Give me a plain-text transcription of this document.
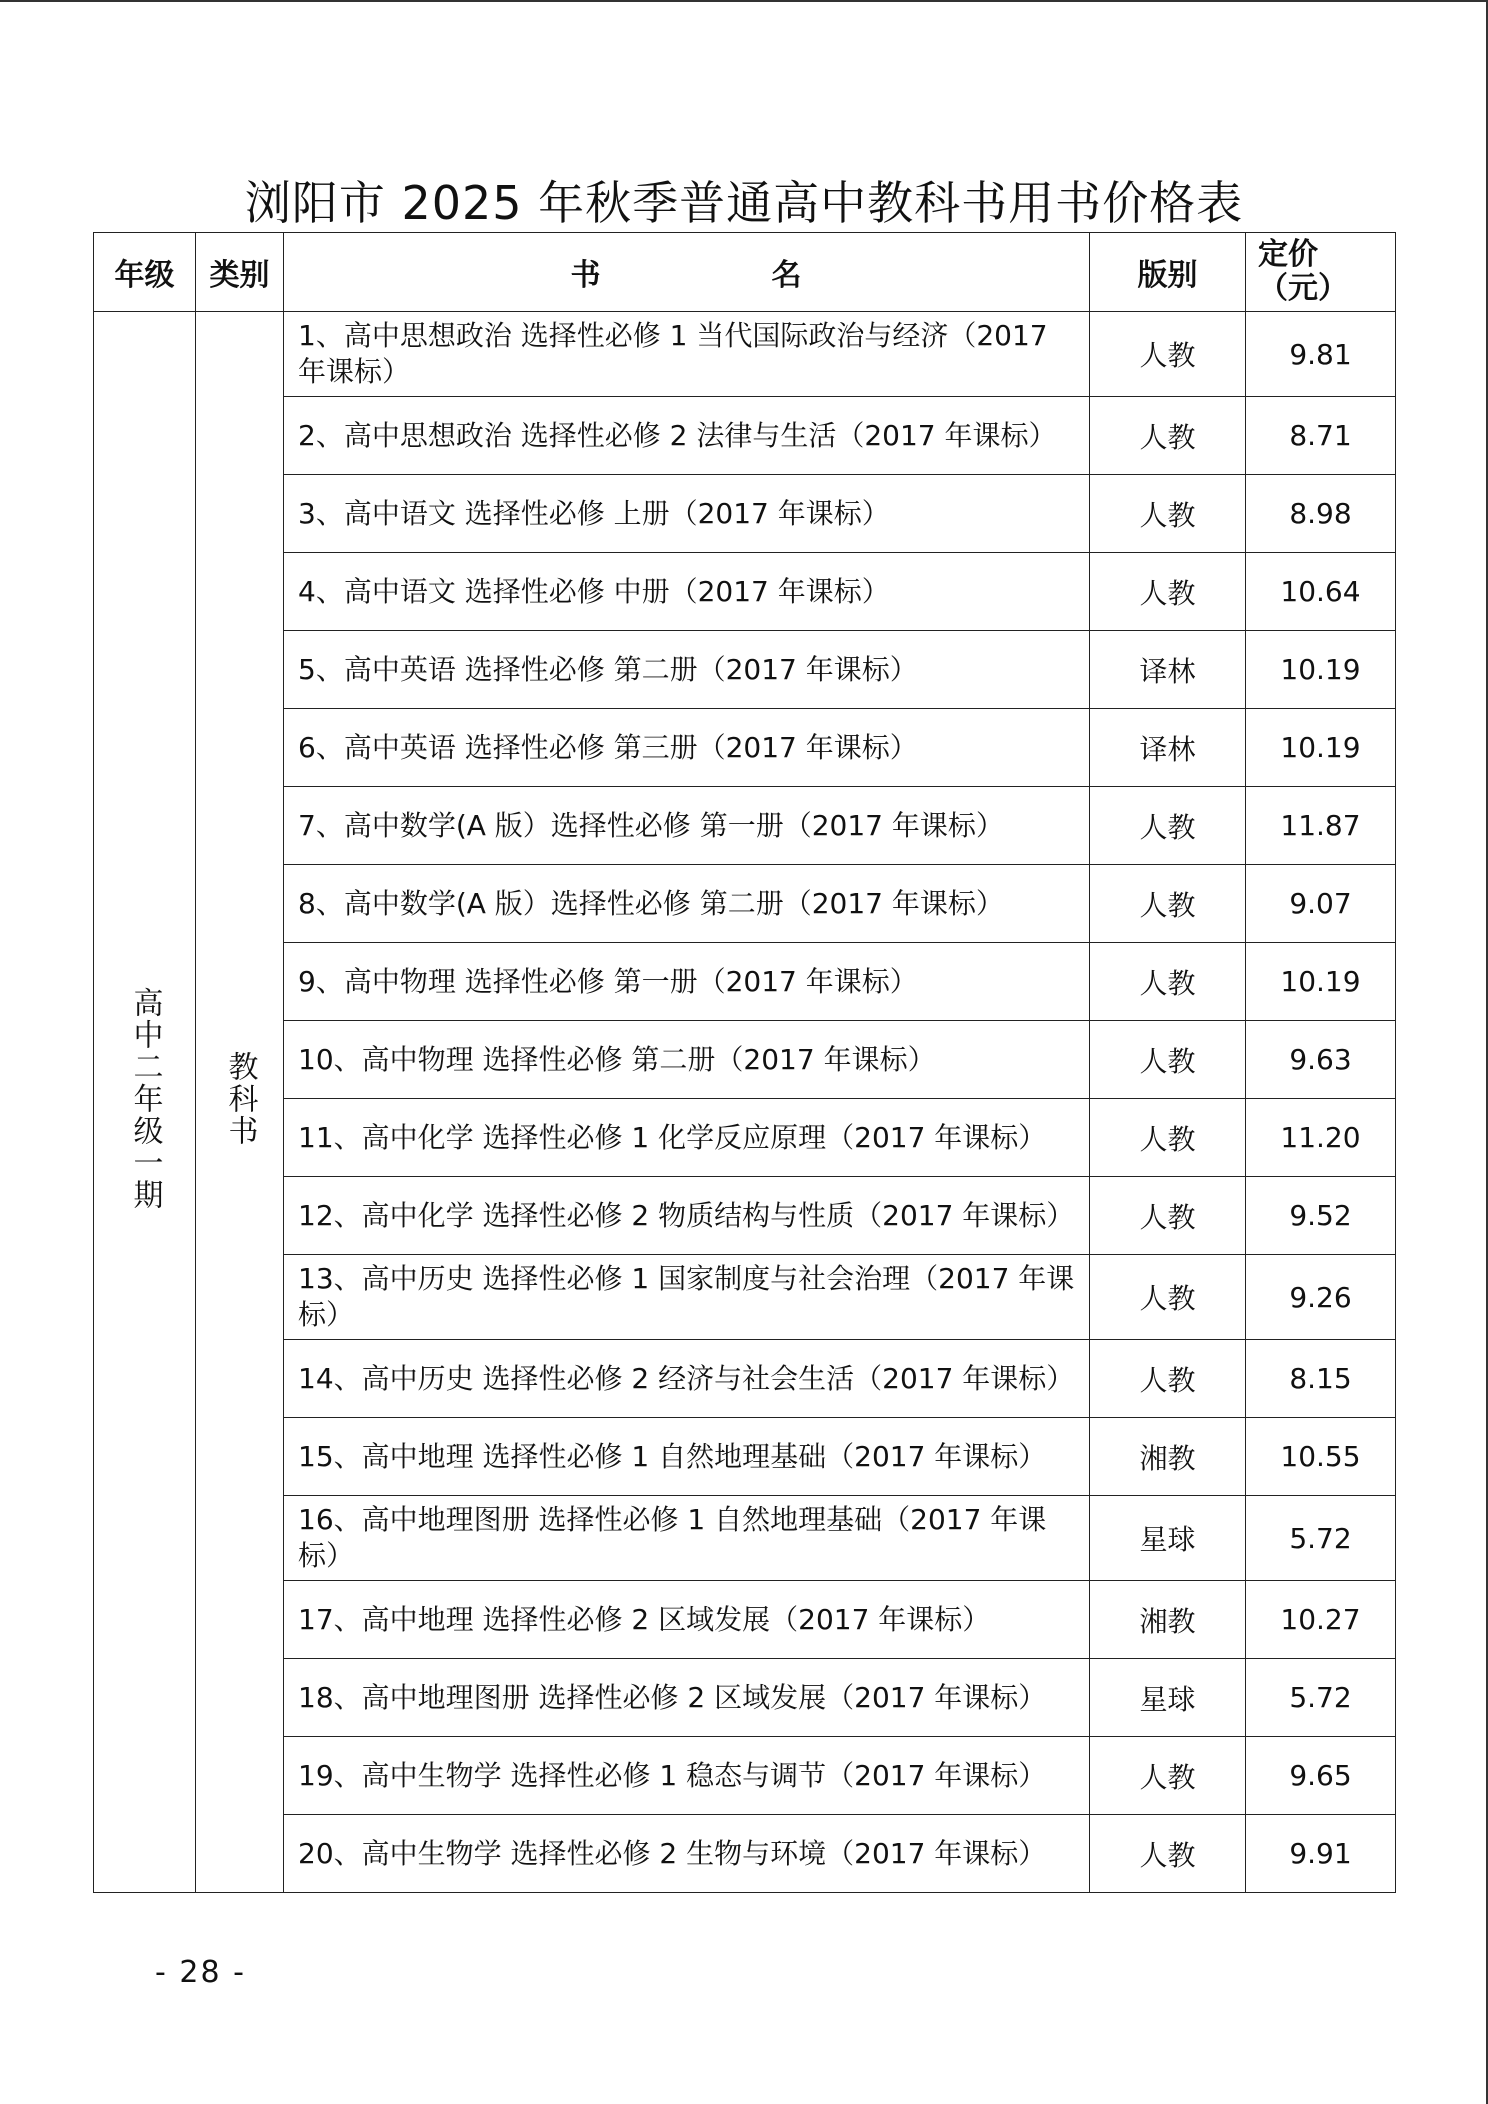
浏阳市 2025 年秋季普通高中教科书用书价格表
年级	类别	书 名	版别	定价
（元）

高中二年级一期	教科书	1、高中思想政治 选择性必修 1 当代国际政治与经济（2017 年课标）	人教	9.81
		2、高中思想政治 选择性必修 2 法律与生活（2017 年课标）	人教	8.71
		3、高中语文 选择性必修 上册（2017 年课标）	人教	8.98
		4、高中语文 选择性必修 中册（2017 年课标）	人教	10.64
		5、高中英语 选择性必修 第二册（2017 年课标）	译林	10.19
		6、高中英语 选择性必修 第三册（2017 年课标）	译林	10.19
		7、高中数学(A 版）选择性必修 第一册（2017 年课标）	人教	11.87
		8、高中数学(A 版）选择性必修 第二册（2017 年课标）	人教	9.07
		9、高中物理 选择性必修 第一册（2017 年课标）	人教	10.19
		10、高中物理 选择性必修 第二册（2017 年课标）	人教	9.63
		11、高中化学 选择性必修 1 化学反应原理（2017 年课标）	人教	11.20
		12、高中化学 选择性必修 2 物质结构与性质（2017 年课标）	人教	9.52
		13、高中历史 选择性必修 1 国家制度与社会治理（2017 年课标）	人教	9.26
		14、高中历史 选择性必修 2 经济与社会生活（2017 年课标）	人教	8.15
		15、高中地理 选择性必修 1 自然地理基础（2017 年课标）	湘教	10.55
		16、高中地理图册 选择性必修 1 自然地理基础（2017 年课标）	星球	5.72
		17、高中地理 选择性必修 2 区域发展（2017 年课标）	湘教	10.27
		18、高中地理图册 选择性必修 2 区域发展（2017 年课标）	星球	5.72
		19、高中生物学 选择性必修 1 稳态与调节（2017 年课标）	人教	9.65
		20、高中生物学 选择性必修 2 生物与环境（2017 年课标）	人教	9.91
- 28 -
